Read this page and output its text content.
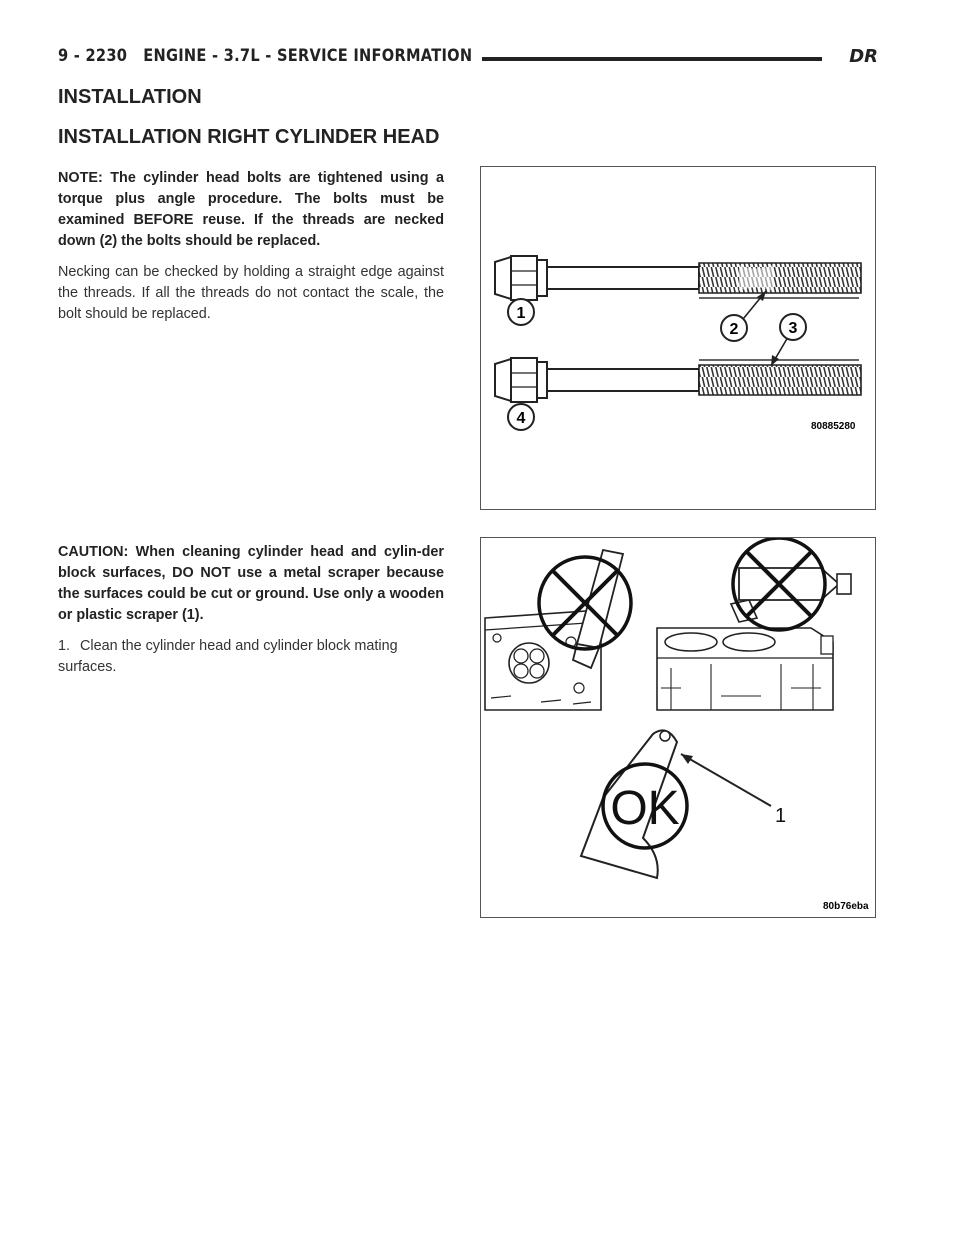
9 - 2230 ENGINE - 3.7L - SERVICE INFORMATION	DR
INSTALLATION
INSTALLATION RIGHT CYLINDER HEAD
NOTE: The cylinder head bolts are tightened using a torque plus angle procedure. The bolts must be examined BEFORE reuse. If the threads are necked down (2) the bolts should be replaced.
Necking can be checked by holding a straight edge against the threads. If all the threads do not contact the scale, the bolt should be replaced.
CAUTION: When cleaning cylinder head and cylin-der block surfaces, DO NOT use a metal scraper because the surfaces could be cut or ground. Use only a wooden or plastic scraper (1).
1. Clean the cylinder head and cylinder block mating surfaces.
1
2	3
4	80885280
OK	1
80b76eba
